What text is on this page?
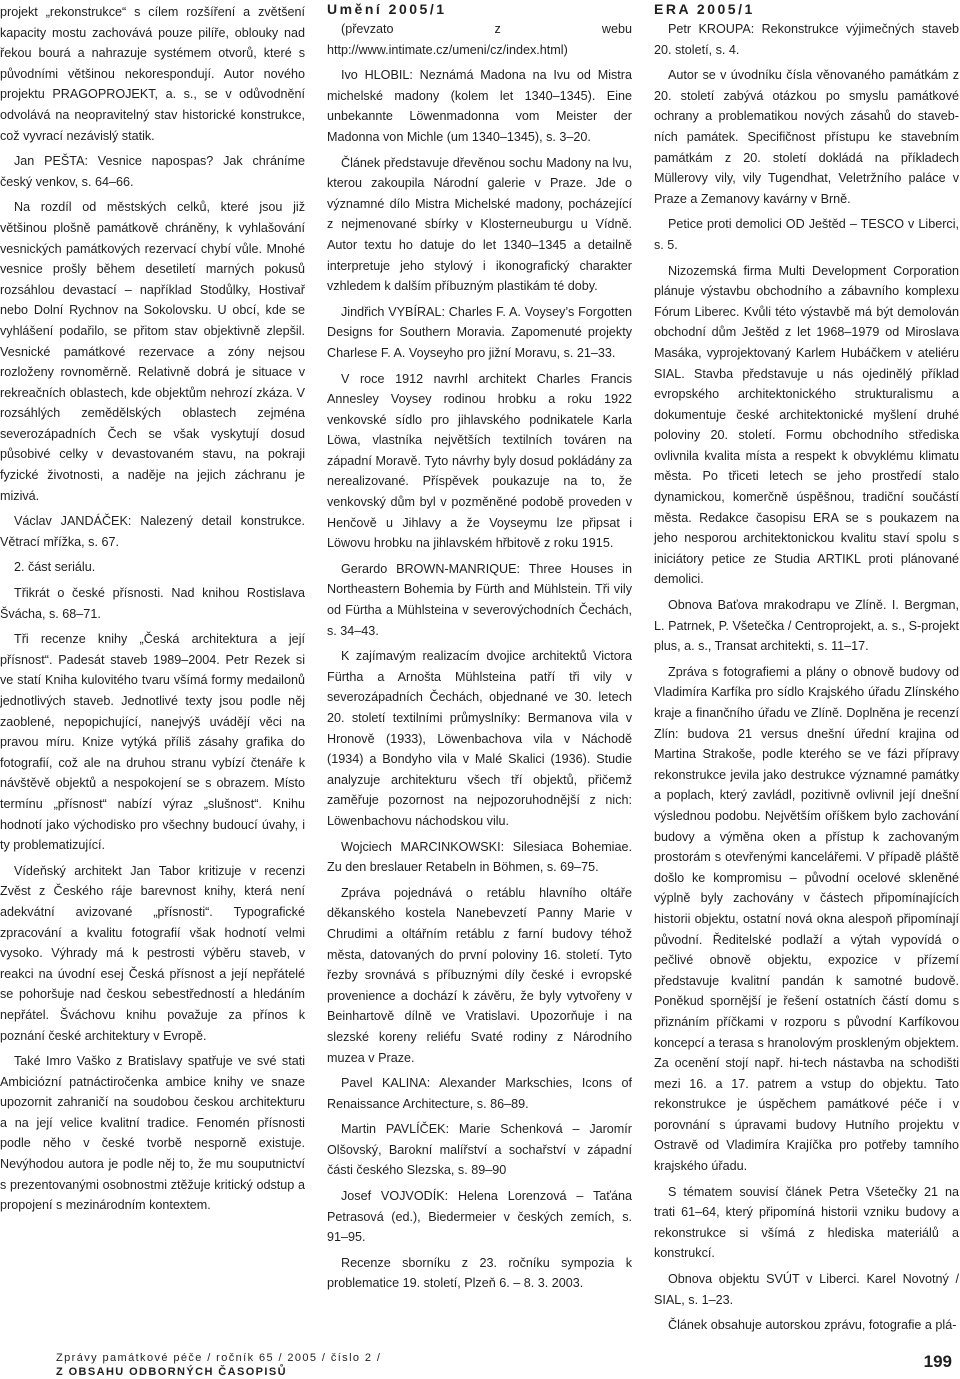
projekt „rekonstrukce“ s cílem rozšíření a zvětšení kapacity mostu zachovává pouze pilíře, oblouky nad řekou bourá a nahrazuje systémem otvorů, které s původními většinou nekorespondují. Autor nového projektu PRAGOPROJEKT, a. s., se v odůvodnění odvolává na neopravitelný stav historické konstrukce, což vyvrací nezávislý statik.

Jan PEŠTA: Vesnice napospas? Jak chráníme český venkov, s. 64–66.

Na rozdíl od městských celků, které jsou již většinou plošně památkově chráněny, k vyhlašování vesnických památkových rezervací chybí vůle. Mnohé vesnice prošly během desetiletí marných pokusů rozsáhlou devastací – například Stodůlky, Hostivař nebo Dolní Rychnov na Sokolovsku. U obcí, kde se vyhlášení podařilo, se přitom stav objektivně zlepšil. Vesnické památkové rezervace a zóny nejsou rozloženy rovnoměrně. Relativně dobrá je situace v rekreačních oblastech, kde objektům nehrozí zkáza. V rozsáhlých zemědělských oblastech zejména severozápadních Čech se však vyskytují dosud působivé celky v devastovaném stavu, na pokraji fyzické životnosti, a naděje na jejich záchranu je mizivá.

Václav JANDÁČEK: Nalezený detail konstrukce. Větrací mřížka, s. 67.

2. část seriálu.

Třikrát o české přísnosti. Nad knihou Rostislava Švácha, s. 68–71.

Tři recenze knihy „Česká architektura a její přísnost“. Padesát staveb 1989–2004. Petr Rezek si ve statí Kniha kulovitého tvaru všímá formy medailonů jednotlivých staveb. Jednotlivé texty jsou podle něj zaoblené, nepopichující, nanejvýš uvádějí věci na pravou míru. Knize vytýká příliš zásahy grafika do fotografií, což ale na druhou stranu vybízí čtenáře k návštěvě objektů a nespokojení se s obrazem. Místo termínu „přísnost“ nabízí výraz „slušnost“. Knihu hodnotí jako východisko pro všechny budoucí úvahy, i ty problematizující.

Vídeňský architekt Jan Tabor kritizuje v recenzi Zvěst z Českého ráje barevnost knihy, která není adekvátní avizované „přísnosti“. Typografické zpracování a kvalitu fotografií však hodnotí velmi vysoko. Výhrady má k pestrosti výběru staveb, v reakci na úvodní esej Česká přísnost a její nepřátelé se pohoršuje nad českou sebestředností a hledáním nepřátel. Šváchovu knihu považuje za přínos k poznání české architektury v Evropě.

Také Imro Vaško z Bratislavy spatřuje ve své stati Ambiciózní patnáctiročenka ambice knihy ve snaze upozornit zahraničí na soudobou českou architekturu a na její velice kvalitní tradice. Fenomén přísnosti podle něho v české tvorbě nesporně existuje. Nevýhodou autora je podle něj to, že mu souputnictví s prezentovanými osobnostmi ztěžuje kritický odstup a propojení s mezinárodním kontextem.

Umění 2005/1

(převzato z webu http://www.intimate.cz/umeni/cz/index.html)

Ivo HLOBIL: Neznámá Madona na Ivu od Mistra michelské madony (kolem let 1340–1345). Eine unbekannte Löwenmadonna vom Meister der Madonna von Michle (um 1340–1345), s. 3–20.

Článek představuje dřevěnou sochu Madony na lvu, kterou zakoupila Národní galerie v Praze. Jde o významné dílo Mistra Michelské madony, pocházející z nejmenované sbírky v Klosterneuburgu u Vídně. Autor textu ho datuje do let 1340–1345 a detailně interpretuje jeho stylový i ikonografický charakter vzhledem k dalším příbuzným plastikám té doby.

Jindřich VYBÍRAL: Charles F. A. Voysey’s Forgotten Designs for Southern Moravia. Zapomenuté projekty Charlese F. A. Voyseyho pro jižní Moravu, s. 21–33.

V roce 1912 navrhl architekt Charles Francis Annesley Voysey rodinou hrobku a roku 1922 venkovské sídlo pro jihlavského podnikatele Karla Löwa, vlastníka největších textilních továren na západní Moravě. Tyto návrhy byly dosud pokládány za nerealizované. Příspěvek poukazuje na to, že venkovský dům byl v pozměněné podobě proveden v Henčově u Jihlavy a že Voyseymu lze připsat i Löwovu hrobku na jihlavském hřbitově z roku 1915.

Gerardo BROWN-MANRIQUE: Three Houses in Northeastern Bohemia by Fürth and Mühlstein. Tři vily od Fürtha a Mühlsteina v severovýchodních Čechách, s. 34–43.

K zajímavým realizacím dvojice architektů Victora Fürtha a Arnošta Mühlsteina patří tři vily v severozápadních Čechách, objednané ve 30. letech 20. století textilními průmyslníky: Bermanova vila v Hronově (1933), Löwenbachova vila v Náchodě (1934) a Bondyho vila v Malé Skalici (1936). Studie analyzuje architekturu všech tří objektů, přičemž zaměřuje pozornost na nejpozoruhodnější z nich: Löwenbachovu náchodskou vilu.

Wojciech MARCINKOWSKI: Silesiaca Bohemiae. Zu den breslauer Retabeln in Böhmen, s. 69–75.

Zpráva pojednává o retáblu hlavního oltáře děkanského kostela Nanebevzetí Panny Marie v Chrudimi a oltářním retáblu z farní budovy téhož města, datovaných do první poloviny 16. století. Tyto řezby srovnává s příbuznými díly české i evropské provenience a dochází k závěru, že byly vytvořeny v Beinhartově dílně ve Vratislavi. Upozorňuje i na slezské koreny reliéfu Svaté rodiny z Národního muzea v Praze.

Pavel KALINA: Alexander Markschies, Icons of Renaissance Architecture, s. 86–89.

Martin PAVLÍČEK: Marie Schenková – Jaromír Olšovský, Barokní malířství a sochařství v západní části českého Slezska, s. 89–90

Josef VOJVODÍK: Helena Lorenzová – Taťána Petrasová (ed.), Biedermeier v českých zemích, s. 91–95.

Recenze sborníku z 23. ročníku sympozia k problematice 19. století, Plzeň 6. – 8. 3. 2003.

ERA 2005/1

Petr KROUPA: Rekonstrukce výjimečných staveb 20. století, s. 4.

Autor se v úvodníku čísla věnovaného památkám z 20. století zabývá otázkou po smyslu památkové ochrany a problematikou nových zásahů do staveb-ních památek. Specifičnost přístupu ke stavebním památkám z 20. století dokládá na příkladech Müllerovy vily, vily Tugendhat, Veletržního paláce v Praze a Zemanovy kavárny v Brně.

Petice proti demolici OD Ještěd – TESCO v Liberci, s. 5.

Nizozemská firma Multi Development Corporation plánuje výstavbu obchodního a zábavního komplexu Fórum Liberec. Kvůli této výstavbě má být demolován obchodní dům Ještěd z let 1968–1979 od Miroslava Masáka, vyprojektovaný Karlem Hubáčkem v ateliéru SIAL. Stavba představuje u nás ojedinělý příklad evropského architektonického strukturalismu a dokumentuje české architektonické myšlení druhé poloviny 20. století. Formu obchodního střediska ovlivnila kvalita místa a respekt k obvyklému klimatu města. Po třiceti letech se jeho prostředí stalo dynamickou, komerčně úspěšnou, tradiční součástí města. Redakce časopisu ERA se s poukazem na jeho nesporou architektonickou kvalitu staví spolu s iniciátory petice ze Studia ARTIKL proti plánované demolici.

Obnova Baťova mrakodrapu ve Zlíně. I. Bergman, L. Patrnek, P. Všetečka / Centroprojekt, a. s., S-projekt plus, a. s., Transat architekti, s. 11–17.

Zpráva s fotografiemi a plány o obnově budovy od Vladimíra Karfíka pro sídlo Krajského úřadu Zlínského kraje a finančního úřadu ve Zlíně. Doplněna je recenzí Zlín: budova 21 versus dnešní úřední krajina od Martina Strakoše, podle kterého se ve fázi přípravy rekonstrukce jevila jako destrukce významné památky a poplach, který zavládl, pozitivně ovlivnil její dnešní výslednou podobu. Největším oříškem bylo zachování budovy a výměna oken a přístup k zachovaným prostorám s otevřenými kancelářemi. V případě pláště došlo ke kompromisu – původní ocelové skleněné výplně byly zachovány v částech připomínajících historii objektu, ostatní nová okna alespoň připomínají původní. Ředitelské podlaží a výtah vypovídá o pečlivé obnově objektu, expozice v přízemí představuje kvalitní pandán k samotné budově. Poněkud spornější je řešení ostatních částí domu s přiznáním příčkami v rozporu s původní Karfíkovou koncepcí a terasa s hranolovým proskleným objektem. Za ocenění stojí např. hi-tech nástavba na schodišti mezi 16. a 17. patrem a vstup do objektu. Tato rekonstrukce je úspěchem památkové péče i v porovnání s úpravami budovy Hutního projektu v Ostravě od Vladimíra Krajíčka pro potřeby tamního krajského úřadu.

S tématem souvisí článek Petra Všetečky 21 na trati 61–64, který připomíná historii vzniku budovy a rekonstrukce si všímá z hlediska materiálů a konstrukcí.

Obnova objektu SVÚT v Liberci. Karel Novotný / SIAL, s. 1–23.

Článek obsahuje autorskou zprávu, fotografie a plá-

Zprávy památkové péče / ročník 65 / 2005 / číslo 2 /
Z OBSAHU ODBORNÝCH ČASOPISŮ
199
